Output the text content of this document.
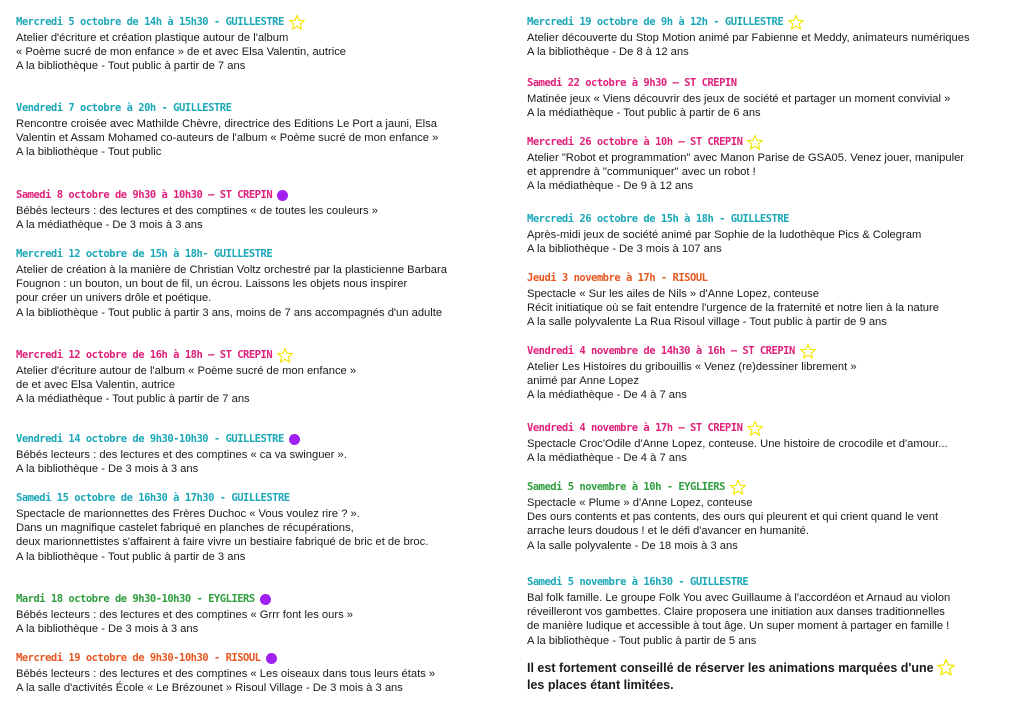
Mercredi 5 octobre de 14h à 15h30 - GUILLESTRE
Atelier d'écriture et création plastique autour de l'album
« Poème sucré de mon enfance » de et avec Elsa Valentin, autrice
A la bibliothèque - Tout public à partir de 7 ans
Vendredi 7 octobre à 20h - GUILLESTRE
Rencontre croisée avec Mathilde Chèvre, directrice des Editions Le Port a jauni, Elsa
Valentin et Assam Mohamed co-auteurs de l'album « Poème sucré de mon enfance »
A la bibliothèque - Tout public
Samedi 8 octobre de 9h30 à 10h30 – ST CREPIN
Bébés lecteurs : des lectures et des comptines « de toutes les couleurs »
A la médiathèque - De 3 mois à 3 ans
Mercredi 12 octobre de 15h à 18h- GUILLESTRE
Atelier de création à la manière de Christian Voltz orchestré par la plasticienne Barbara
Fougnon : un bouton, un bout de fil, un écrou. Laissons les objets nous inspirer
pour créer un univers drôle et poétique.
A la bibliothèque - Tout public à partir 3 ans, moins de 7 ans accompagnés d'un adulte
Mercredi 12 octobre de 16h à 18h – ST CREPIN
Atelier d'écriture autour de l'album « Poème sucré de mon enfance »
de et avec Elsa Valentin, autrice
A la médiathèque - Tout public à partir de 7 ans
Vendredi 14 octobre de 9h30-10h30 - GUILLESTRE
Bébés lecteurs : des lectures et des comptines « ca va swinguer ».
A la bibliothèque - De 3 mois à 3 ans
Samedi 15 octobre de 16h30 à 17h30 - GUILLESTRE
Spectacle de marionnettes des Frères Duchoc « Vous voulez rire ? ».
Dans un magnifique castelet fabriqué en planches de récupérations,
deux marionnettistes s'affairent à faire vivre un bestiaire fabriqué de bric et de broc.
A la bibliothèque - Tout public à partir de 3 ans
Mardi 18 octobre de 9h30-10h30 - EYGLIERS
Bébés lecteurs : des lectures et des comptines « Grrr font les ours »
A la bibliothèque - De 3 mois à 3 ans
Mercredi 19 octobre de 9h30-10h30 - RISOUL
Bébés lecteurs : des lectures et des comptines « Les oiseaux dans tous leurs états »
A la salle d'activités École « Le Brézounet » Risoul Village - De 3 mois à 3 ans
Mercredi 19 octobre de 9h à 12h - GUILLESTRE
Atelier découverte du Stop Motion animé par Fabienne et Meddy, animateurs numériques
A la bibliothèque - De 8 à 12 ans
Samedi 22 octobre à 9h30 – ST CREPIN
Matinée jeux « Viens découvrir des jeux de société et partager un moment convivial »
A la médiathèque - Tout public à partir de 6 ans
Mercredi 26 octobre à 10h – ST CREPIN
Atelier "Robot et programmation" avec Manon Parise de GSA05. Venez jouer, manipuler
et apprendre à "communiquer" avec un robot !
A la médiathèque - De 9 à 12 ans
Mercredi 26 octobre de 15h à 18h - GUILLESTRE
Après-midi jeux de société animé par Sophie de la ludothèque Pics & Colegram
A la bibliothèque - De 3 mois à 107 ans
Jeudi 3 novembre à 17h - RISOUL
Spectacle « Sur les ailes de Nils » d'Anne Lopez, conteuse
Récit initiatique où se fait entendre l'urgence de la fraternité et notre lien à la nature
A la salle polyvalente La Rua Risoul village - Tout public à partir de 9 ans
Vendredi 4 novembre de 14h30 à 16h – ST CREPIN
Atelier Les Histoires du gribouillis « Venez (re)dessiner librement »
animé par Anne Lopez
A la médiathèque - De 4 à 7 ans
Vendredi 4 novembre à 17h – ST CREPIN
Spectacle Croc'Odile d'Anne Lopez, conteuse. Une histoire de crocodile et d'amour...
A la médiathèque - De 4 à 7 ans
Samedi 5 novembre à 10h - EYGLIERS
Spectacle « Plume » d'Anne Lopez, conteuse
Des ours contents et pas contents, des ours qui pleurent et qui crient quand le vent
arrache leurs doudous ! et le défi d'avancer en humanité.
A la salle polyvalente - De 18 mois à 3 ans
Samedi 5 novembre à 16h30 - GUILLESTRE
Bal folk famille. Le groupe Folk You avec Guillaume à l'accordéon et Arnaud au violon
réveilleront vos gambettes. Claire proposera une initiation aux danses traditionnelles
de manière ludique et accessible à tout âge. Un super moment à partager en famille !
A la bibliothèque - Tout public à partir de 5 ans
Il est fortement conseillé de réserver les animations marquées d'une
les places étant limitées.
